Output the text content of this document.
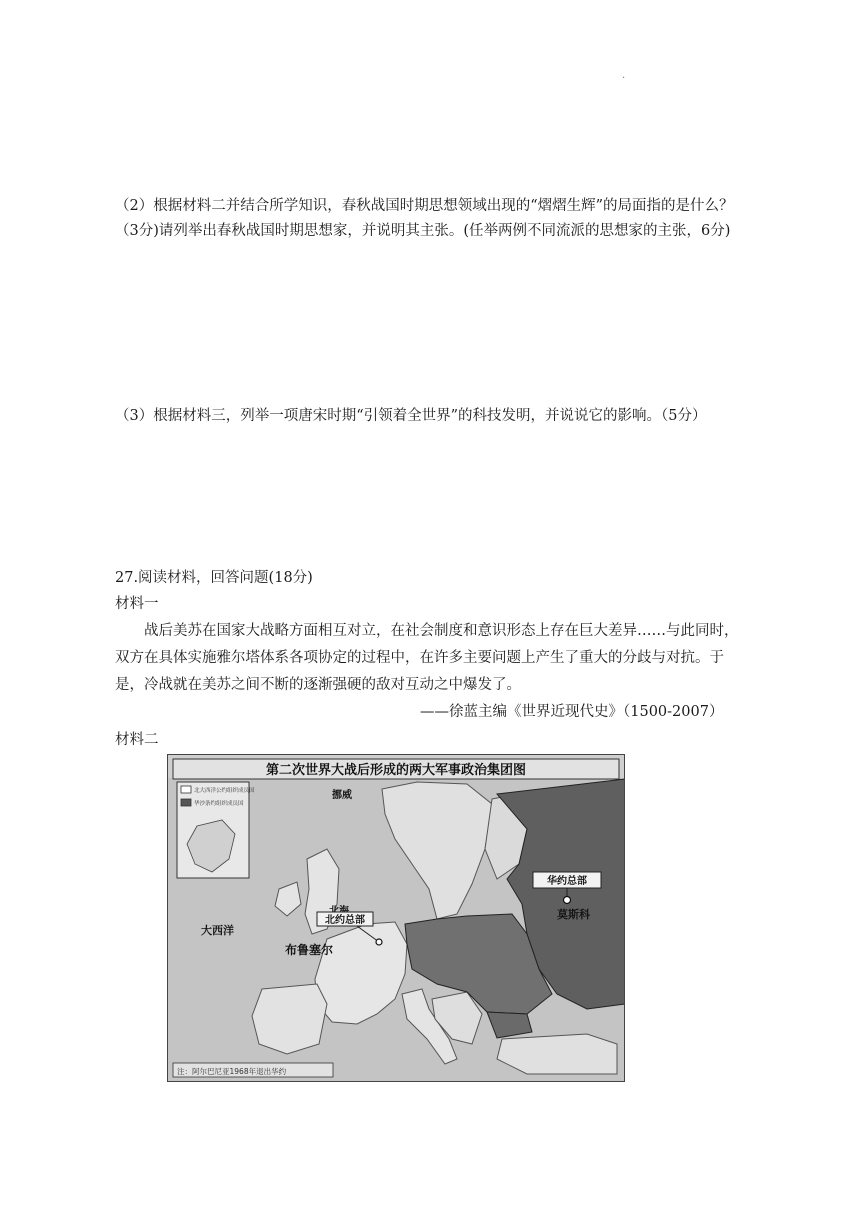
.

（2）根据材料二并结合所学知识，春秋战国时期思想领域出现的“熠熠生辉”的局面指的是什么？（3分)请列举出春秋战国时期思想家，并说明其主张。(任举两例不同流派的思想家的主张，6分)

（3）根据材料三，列举一项唐宋时期“引领着全世界”的科技发明，并说说它的影响。（5分）

27.阅读材料，回答问题(18分)

材料一

战后美苏在国家大战略方面相互对立，在社会制度和意识形态上存在巨大差异……与此同时，双方在具体实施雅尔塔体系各项协定的过程中，在许多主要问题上产生了重大的分歧与对抗。于是，冷战就在美苏之间不断的逐渐强硬的敌对互动之中爆发了。

——徐蓝主编《世界近现代史》（1500-2007）

材料二

第二次世界大战后形成的两大军事政治集团图
北大西洋公约组织成员国
华沙条约组织成员国
挪威
大西洋
北约总部
布鲁塞尔
华约总部
莫斯科
注：阿尔巴尼亚1968年退出华约
